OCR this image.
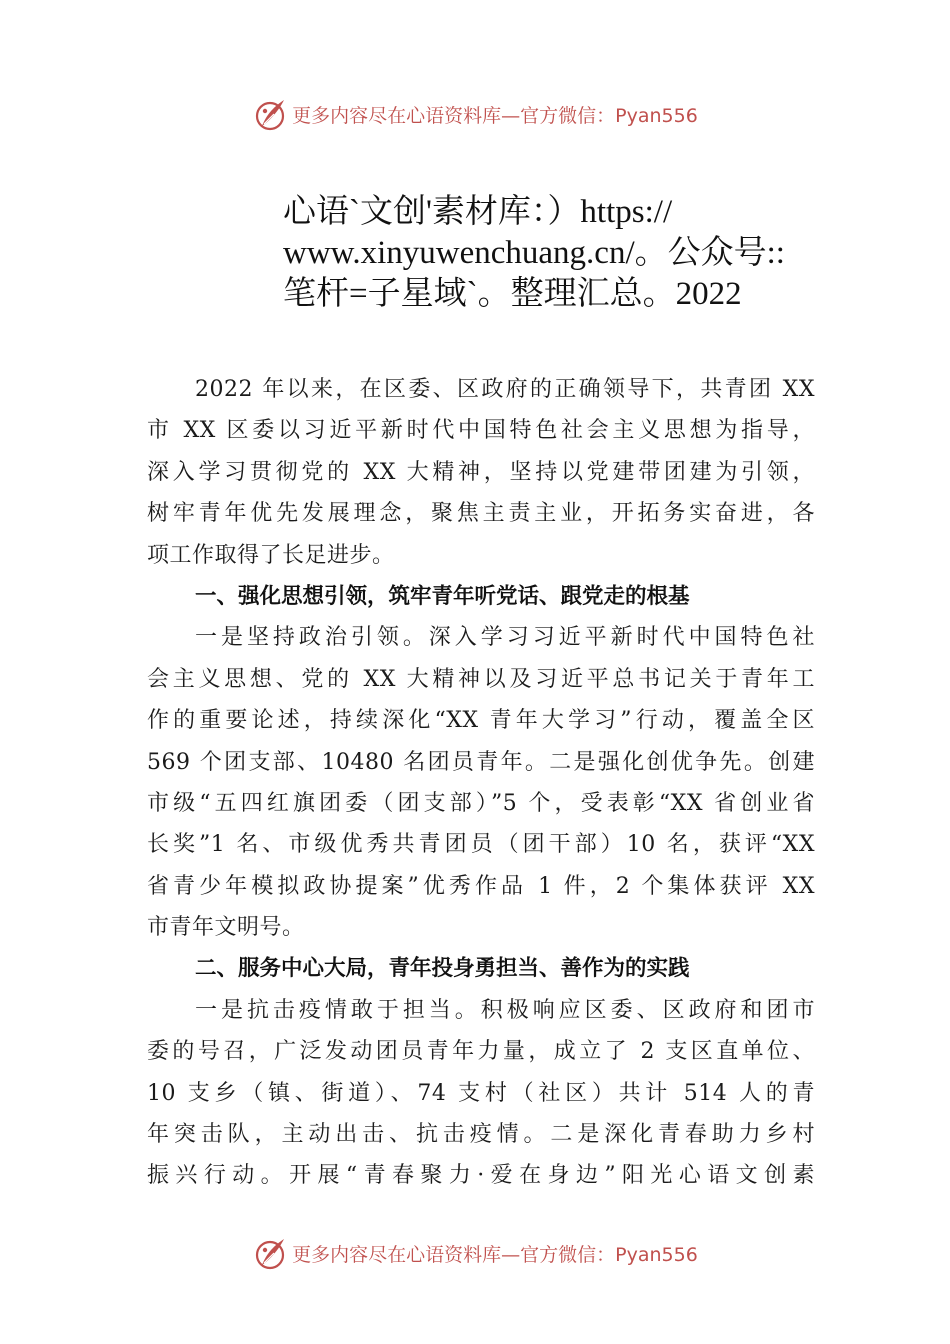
更多内容尽在心语资料库—官方微信：Pyan556
心语`文创'素材库：）https://
www.xinyuwenchuang.cn/。公众号::
笔杆=子星域`。整理汇总。2022
2022 年以来，在区委、区政府的正确领导下，共青团 XX
市 XX 区委以习近平新时代中国特色社会主义思想为指导，
深入学习贯彻党的 XX 大精神，坚持以党建带团建为引领，
树牢青年优先发展理念，聚焦主责主业，开拓务实奋进，各
项工作取得了长足进步。
一、强化思想引领，筑牢青年听党话、跟党走的根基
一是坚持政治引领。深入学习习近平新时代中国特色社
会主义思想、党的 XX 大精神以及习近平总书记关于青年工
作的重要论述，持续深化“XX 青年大学习”行动，覆盖全区
569 个团支部、10480 名团员青年。二是强化创优争先。创建
市级“五四红旗团委（团支部）”5 个，受表彰“XX 省创业省
长奖”1 名、市级优秀共青团员（团干部）10 名，获评“XX
省青少年模拟政协提案”优秀作品 1 件，2 个集体获评 XX
市青年文明号。
二、服务中心大局，青年投身勇担当、善作为的实践
一是抗击疫情敢于担当。积极响应区委、区政府和团市
委的号召，广泛发动团员青年力量，成立了 2 支区直单位、
10 支乡（镇、街道）、74 支村（社区）共计 514 人的青
年突击队，主动出击、抗击疫情。二是深化青春助力乡村
振兴行动。开展“青春聚力·爱在身边”阳光心语文创素
更多内容尽在心语资料库—官方微信：Pyan556
